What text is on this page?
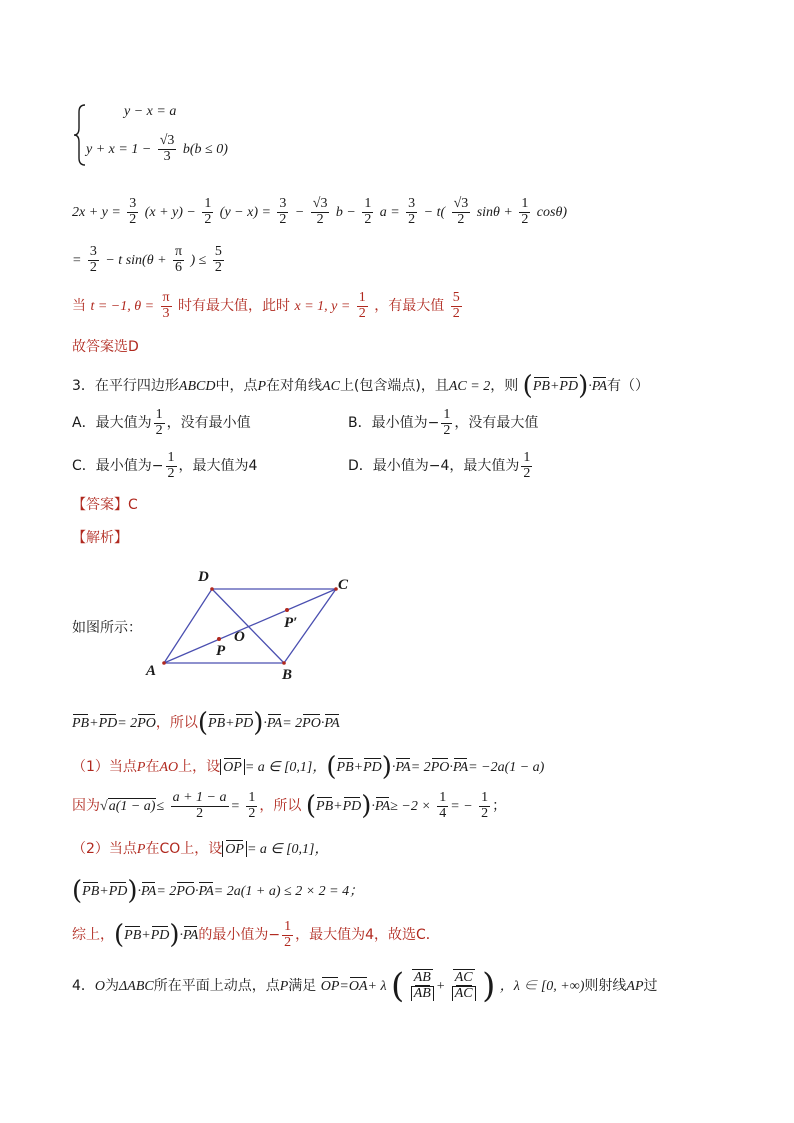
y − x = a
$y + x = 1 - \frac{√3}{3} b(b \le 0)$
$2x + y = \frac{3}{2} (x + y) - \frac{1}{2} (y - x) = \frac{3}{2} - \frac{√3}{2}$ $b - \frac{1}{2}$ $a = \frac{3}{2} - t( \frac{√3}{2}$ $\sin\theta + \frac{1}{2} \cos\theta$)
= $\frac{3}{2} - t$ $\sin(\theta + \frac{\pi}{6}$ ) ≤ $\frac{5}{2}$
当 t = −1, $\theta = \frac{\pi}{3}$ 时有最大值，此时 x = 1, $y = \frac{1}{2}$ ，有最大值 $\frac{5}{2}$
故答案选D
3．在平行四边形ABCD中，点P在对角线AC上(包含端点)，且AC = 2，则 (PB+PD)·PA有（）
A．最大值为 $\frac{1}{2}$ ，没有最小值	B．最小值为− $\frac{1}{2}$ ，没有最大值
C．最小值为− $\frac{1}{2}$ ，最大值为4	D．最小值为−4，最大值为 $\frac{1}{2}$
【答案】C
【解析】
如图所示：
A	B
C
D
O
P
P′
PB+PD= 2PO，所以(PB+PD)·PA= 2PO·PA
（1）当点P在AO上，设 OP = a ∈ [0,1]，(PB+PD)·PA= 2PO·PA= −2a(1 − a)
因为$√a(1 - a)\le \frac{a + 1 - a}{2} = \frac{1}{2}$ ，所以 $(PB+PD)\cdot PA\ge -2 \times \frac{1}{4}$ = − $\frac{1}{2}$ ；
（2）当点P在CO上，设 OP = a ∈ [0,1]，
(PB+PD)·PA= 2PO·PA= 2a(1 + a) ≤ 2 × 2 = 4；
综上，(PB+PD)·PA的最小值为− $\frac{1}{2}$ ，最大值为4，故选C．
4．O为ΔABC所在平面上动点，点P满足 OP=OA+ λ ( $\frac{AB}{AB} + \frac{AC}{AC}$ ) ，λ ∈ [0, +∞)则射线AP过
